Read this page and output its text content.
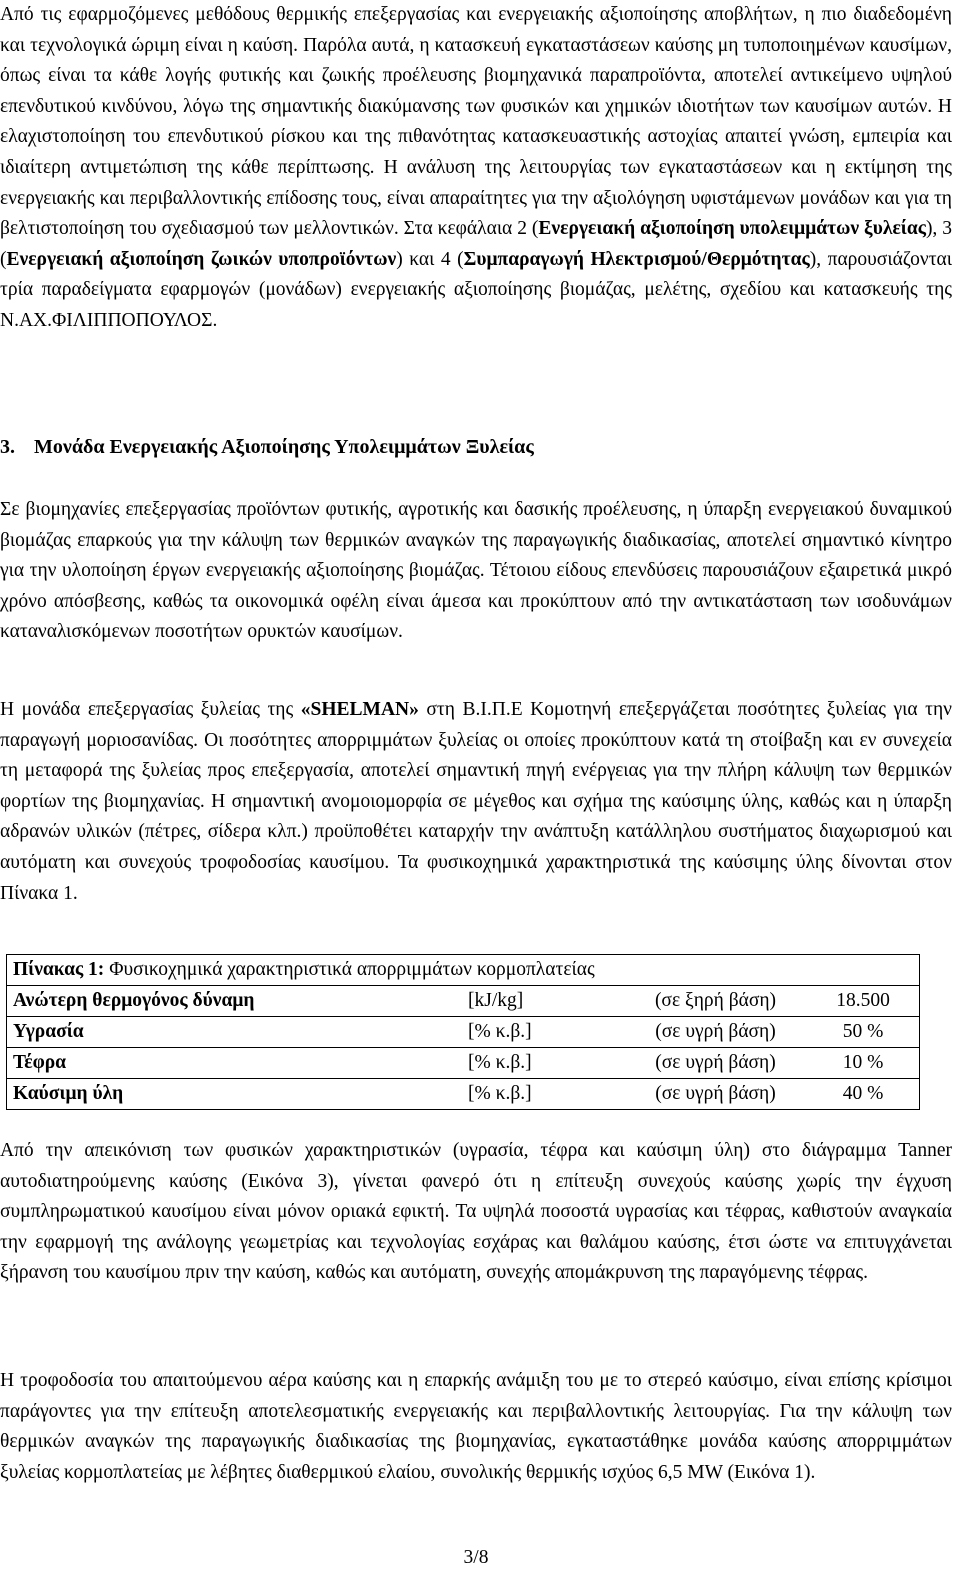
Από τις εφαρμοζόμενες μεθόδους θερμικής επεξεργασίας και ενεργειακής αξιοποίησης αποβλήτων, η πιο διαδεδομένη και τεχνολογικά ώριμη είναι η καύση. Παρόλα αυτά, η κατασκευή εγκαταστάσεων καύσης μη τυποποιημένων καυσίμων, όπως είναι τα κάθε λογής φυτικής και ζωικής προέλευσης βιομηχανικά παραπροϊόντα, αποτελεί αντικείμενο υψηλού επενδυτικού κινδύνου, λόγω της σημαντικής διακύμανσης των φυσικών και χημικών ιδιοτήτων των καυσίμων αυτών. Η ελαχιστοποίηση του επενδυτικού ρίσκου και της πιθανότητας κατασκευαστικής αστοχίας απαιτεί γνώση, εμπειρία και ιδιαίτερη αντιμετώπιση της κάθε περίπτωσης. Η ανάλυση της λειτουργίας των εγκαταστάσεων και η εκτίμηση της ενεργειακής και περιβαλλοντικής επίδοσης τους, είναι απαραίτητες για την αξιολόγηση υφιστάμενων μονάδων και για τη βελτιστοποίηση του σχεδιασμού των μελλοντικών. Στα κεφάλαια 2 (Ενεργειακή αξιοποίηση υπολειμμάτων ξυλείας), 3 (Ενεργειακή αξιοποίηση ζωικών υποπροϊόντων) και 4 (Συμπαραγωγή Ηλεκτρισμού/Θερμότητας), παρουσιάζονται τρία παραδείγματα εφαρμογών (μονάδων) ενεργειακής αξιοποίησης βιομάζας, μελέτης, σχεδίου και κατασκευής της Ν.ΑΧ.ΦΙΛΙΠΠΟΠΟΥΛΟΣ.

3. Μονάδα Ενεργειακής Αξιοποίησης Υπολειμμάτων Ξυλείας

Σε βιομηχανίες επεξεργασίας προϊόντων φυτικής, αγροτικής και δασικής προέλευσης, η ύπαρξη ενεργειακού δυναμικού βιομάζας επαρκούς για την κάλυψη των θερμικών αναγκών της παραγωγικής διαδικασίας, αποτελεί σημαντικό κίνητρο για την υλοποίηση έργων ενεργειακής αξιοποίησης βιομάζας. Τέτοιου είδους επενδύσεις παρουσιάζουν εξαιρετικά μικρό χρόνο απόσβεσης, καθώς τα οικονομικά οφέλη είναι άμεσα και προκύπτουν από την αντικατάσταση των ισοδυνάμων καταναλισκόμενων ποσοτήτων ορυκτών καυσίμων.

Η μονάδα επεξεργασίας ξυλείας της «SHELMAN» στη Β.Ι.Π.Ε Κομοτηνή επεξεργάζεται ποσότητες ξυλείας για την παραγωγή μοριοσανίδας. Οι ποσότητες απορριμμάτων ξυλείας οι οποίες προκύπτουν κατά τη στοίβαξη και εν συνεχεία τη μεταφορά της ξυλείας προς επεξεργασία, αποτελεί σημαντική πηγή ενέργειας για την πλήρη κάλυψη των θερμικών φορτίων της βιομηχανίας. Η σημαντική ανομοιομορφία σε μέγεθος και σχήμα της καύσιμης ύλης, καθώς και η ύπαρξη αδρανών υλικών (πέτρες, σίδερα κλπ.) προϋποθέτει καταρχήν την ανάπτυξη κατάλληλου συστήματος διαχωρισμού και αυτόματη και συνεχούς τροφοδοσίας καυσίμου. Τα φυσικοχημικά χαρακτηριστικά της καύσιμης ύλης δίνονται στον Πίνακα 1.

Πίνακας 1: Φυσικοχημικά χαρακτηριστικά απορριμμάτων κορμοπλατείας

Ανώτερη θερμογόνος δύναμη	[kJ/kg]	(σε ξηρή βάση)	18.500

Υγρασία	[% κ.β.]	(σε υγρή βάση)	50 %

Τέφρα	[% κ.β.]	(σε υγρή βάση)	10 %

Καύσιμη ύλη	[% κ.β.]	(σε υγρή βάση)	40 %

Από την απεικόνιση των φυσικών χαρακτηριστικών (υγρασία, τέφρα και καύσιμη ύλη) στο διάγραμμα Tanner αυτοδιατηρούμενης καύσης (Εικόνα 3), γίνεται φανερό ότι η επίτευξη συνεχούς καύσης χωρίς την έγχυση συμπληρωματικού καυσίμου είναι μόνον οριακά εφικτή. Τα υψηλά ποσοστά υγρασίας και τέφρας, καθιστούν αναγκαία την εφαρμογή της ανάλογης γεωμετρίας και τεχνολογίας εσχάρας και θαλάμου καύσης, έτσι ώστε να επιτυγχάνεται ξήρανση του καυσίμου πριν την καύση, καθώς και αυτόματη, συνεχής απομάκρυνση της παραγόμενης τέφρας.

Η τροφοδοσία του απαιτούμενου αέρα καύσης και η επαρκής ανάμιξη του με το στερεό καύσιμο, είναι επίσης κρίσιμοι παράγοντες για την επίτευξη αποτελεσματικής ενεργειακής και περιβαλλοντικής λειτουργίας. Για την κάλυψη των θερμικών αναγκών της παραγωγικής διαδικασίας της βιομηχανίας, εγκαταστάθηκε μονάδα καύσης απορριμμάτων ξυλείας κορμοπλατείας με λέβητες διαθερμικού ελαίου, συνολικής θερμικής ισχύος 6,5 MW (Εικόνα 1).

3/8
